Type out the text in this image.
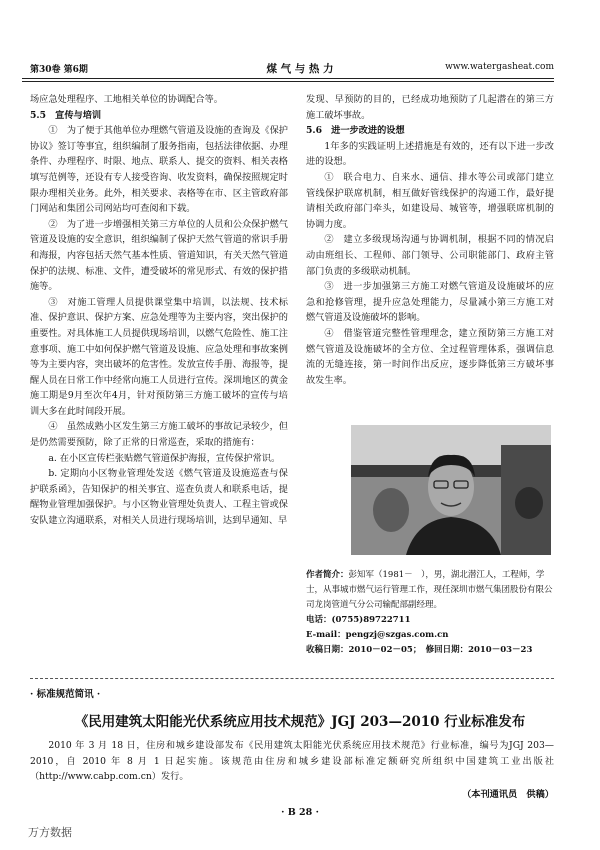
第30卷 第6期	煤 气 与 热 力	www.watergasheat.com

场应急处理程序、工地相关单位的协调配合等。

5.5　宣传与培训

①　为了便于其他单位办理燃气管道及设施的查询及《保护协议》签订等事宜，组织编制了服务指南，包括法律依据、办理条件、办理程序、时限、地点、联系人、提交的资料、相关表格填写范例等，还设有专人接受咨询、收发资料，确保按照规定时限办理相关业务。此外，相关要求、表格等在市、区主管政府部门网站和集团公司网站均可查阅和下载。

②　为了进一步增强相关第三方单位的人员和公众保护燃气管道及设施的安全意识，组织编制了保护天然气管道的常识手册和海报，内容包括天然气基本性质、管道知识，有关天然气管道保护的法规、标准、文件，遭受破坏的常见形式、有效的保护措施等。

③　对施工管理人员提供课堂集中培训，以法规、技术标准、保护意识、保护方案、应急处理等为主要内容，突出保护的重要性。对具体施工人员提供现场培训，以燃气危险性、施工注意事项、施工中如何保护燃气管道及设施、应急处理和事故案例等为主要内容，突出破坏的危害性。发放宣传手册、海报等，提醒人员在日常工作中经常向施工人员进行宣传。深圳地区的黄金施工期是9月至次年4月，针对预防第三方施工破坏的宣传与培训大多在此时间段开展。

④　虽然成熟小区发生第三方施工破坏的事故记录较少，但是仍然需要预防，除了正常的日常巡查，采取的措施有：

a. 在小区宣传栏张贴燃气管道保护海报，宣传保护常识。

b. 定期向小区物业管理处发送《燃气管道及设施巡查与保护联系函》，告知保护的相关事宜、巡查负责人和联系电话，提醒物业管理加强保护。与小区物业管理处负责人、工程主管或保安队建立沟通联系，对相关人员进行现场培训，达到早通知、早

发现、早预防的目的，已经成功地预防了几起潜在的第三方施工破坏事故。

5.6　进一步改进的设想

1年多的实践证明上述措施是有效的，还有以下进一步改进的设想。

①　联合电力、自来水、通信、排水等公司或部门建立管线保护联席机制，相互做好管线保护的沟通工作，最好提请相关政府部门牵头，如建设局、城管等，增强联席机制的协调力度。

②　建立多级现场沟通与协调机制，根据不同的情况启动由班组长、工程师、部门领导、公司职能部门、政府主管部门负责的多级联动机制。

③　进一步加强第三方施工对燃气管道及设施破坏的应急和抢修管理，提升应急处理能力，尽量减小第三方施工对燃气管道及设施破坏的影响。

④　借鉴管道完整性管理理念，建立预防第三方施工对燃气管道及设施破坏的全方位、全过程管理体系，强调信息流的无缝连接，第一时间作出反应，逐步降低第三方破坏事故发生率。

作者简介：彭知军（1981－　），男，湖北潜江人，工程师，学士，从事城市燃气运行管理工作，现任深圳市燃气集团股份有限公司龙岗管道气分公司输配部副经理。

电话：(0755)89722711

E-mail：pengzj@szgas.com.cn

收稿日期：2010－02－05；　修回日期：2010－03－23

· 标准规范简讯 ·
《民用建筑太阳能光伏系统应用技术规范》JGJ 203—2010 行业标准发布

2010 年 3 月 18 日，住房和城乡建设部发布《民用建筑太阳能光伏系统应用技术规范》行业标准，编号为JGJ 203—2010，自 2010 年 8 月 1 日起实施。该规范由住房和城乡建设部标准定额研究所组织中国建筑工业出版社（http://www.cabp.com.cn）发行。

（本刊通讯员　供稿）
· B 28 ·
万方数据
